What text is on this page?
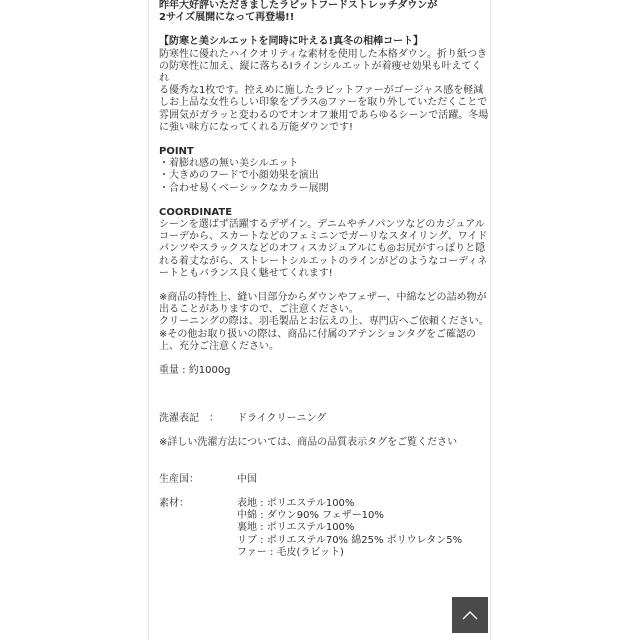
昨年大好評いただきましたラビットフードストレッチダウンが
2サイズ展開になって再登場!!

【防寒と美シルエットを同時に叶える!真冬の相棒コート】

防寒性に優れたハイクオリティな素材を使用した本格ダウン。折り紙つき
の防寒性に加え、縦に落ちるIラインシルエットが着痩せ効果も叶えてくれ
る優秀な1枚です。控えめに施したラビットファーがゴージャス感を軽減
しお上品な女性らしい印象をプラス◎ファーを取り外していただくことで
雰囲気がガラッと変わるのでオンオフ兼用であらゆるシーンで活躍。冬場
に強い味方になってくれる万能ダウンです!

POINT

・着膨れ感の無い美シルエット

・大きめのフードで小顔効果を演出

・合わせ易くベーシックなカラー展開

COORDINATE

シーンを選ばず活躍するデザイン。デニムやチノパンツなどのカジュアル
コーデから、スカートなどのフェミニンでガーリなスタイリング、ワイド
パンツやスラックスなどのオフィスカジュアルにも◎お尻がすっぽりと隠
れる着丈ながら、ストレートシルエットのラインがどのようなコーディネ
ートともバランス良く魅せてくれます!

※商品の特性上、縫い目部分からダウンやフェザー、中綿などの詰め物が
出ることがありますので、ご注意ください。
クリーニングの際は、羽毛製品とお伝えの上、専門店へご依頼ください。
※その他お取り扱いの際は、商品に付属のアテンションタグをご確認の
上、充分ご注意ください。

重量 : 約1000g

洗濯表記　：	ドライクリーニング

※詳しい洗濯方法については、商品の品質表示タグをご覧ください

生産国：	中国
素材：	表地 : ポリエステル100%
中綿 : ダウン90% フェザー10%
裏地 : ポリエステル100%
リブ : ポリエステル70% 綿25% ポリウレタン5%
ファー : 毛皮(ラビット)
